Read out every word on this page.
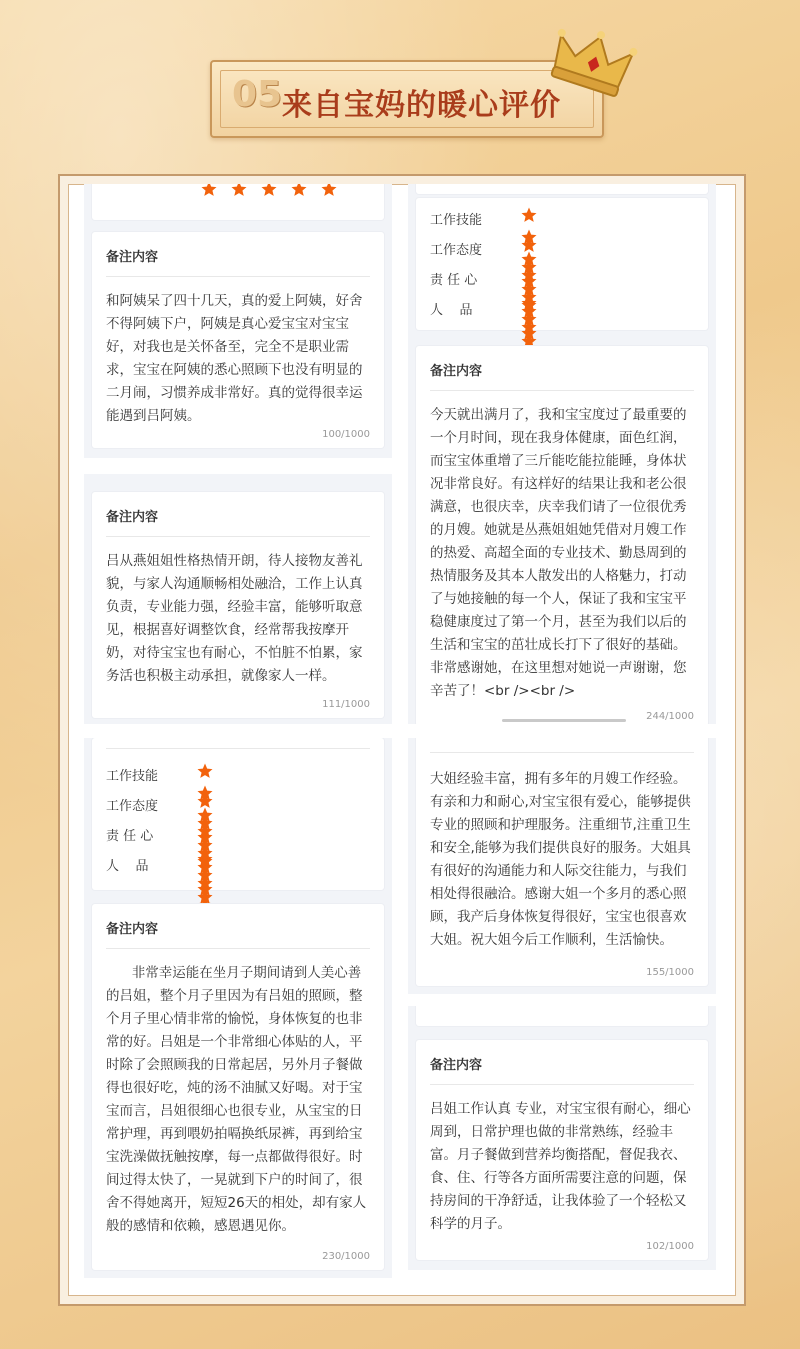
05 来自宝妈的暖心评价
备注内容
和阿姨呆了四十几天，真的爱上阿姨，好舍不得阿姨下户，阿姨是真心爱宝宝对宝宝好，对我也是关怀备至，完全不是职业需求，宝宝在阿姨的悉心照顾下也没有明显的二月闹，习惯养成非常好。真的觉得很幸运能遇到吕阿姨。
100/1000
备注内容
吕从燕姐姐性格热情开朗，待人接物友善礼貌，与家人沟通顺畅相处融洽，工作上认真负责，专业能力强，经验丰富，能够听取意见，根据喜好调整饮食，经常帮我按摩开奶，对待宝宝也有耐心，不怕脏不怕累，家务活也积极主动承担，就像家人一样。
111/1000
工作技能
工作态度
责 任 心
人    品
备注内容
非常幸运能在坐月子期间请到人美心善的吕姐，整个月子里因为有吕姐的照顾，整个月子里心情非常的愉悦，身体恢复的也非常的好。吕姐是一个非常细心体贴的人，平时除了会照顾我的日常起居，另外月子餐做得也很好吃，炖的汤不油腻又好喝。对于宝宝而言，吕姐很细心也很专业，从宝宝的日常护理，再到喂奶拍嗝换纸尿裤，再到给宝宝洗澡做抚触按摩，每一点都做得很好。时间过得太快了，一晃就到下户的时间了，很舍不得她离开，短短26天的相处，却有家人般的感情和依赖，感恩遇见你。
230/1000
工作技能
工作态度
责 任 心
人    品
备注内容
今天就出满月了，我和宝宝度过了最重要的一个月时间，现在我身体健康，面色红润，而宝宝体重增了三斤能吃能拉能睡，身体状况非常良好。有这样好的结果让我和老公很满意，也很庆幸，庆幸我们请了一位很优秀的月嫂。她就是丛燕姐姐她凭借对月嫂工作的热爱、高超全面的专业技术、勤恳周到的热情服务及其本人散发出的人格魅力，打动了与她接触的每一个人，保证了我和宝宝平稳健康度过了第一个月，甚至为我们以后的生活和宝宝的茁壮成长打下了很好的基础。非常感谢她，在这里想对她说一声谢谢，您辛苦了！<br /><br />
244/1000
大姐经验丰富，拥有多年的月嫂工作经验。有亲和力和耐心,对宝宝很有爱心，能够提供专业的照顾和护理服务。注重细节,注重卫生和安全,能够为我们提供良好的服务。大姐具有很好的沟通能力和人际交往能力，与我们相处得很融洽。感谢大姐一个多月的悉心照顾，我产后身体恢复得很好，宝宝也很喜欢大姐。祝大姐今后工作顺利，生活愉快。
155/1000
备注内容
吕姐工作认真 专业，对宝宝很有耐心，细心周到，日常护理也做的非常熟练，经验丰富。月子餐做到营养均衡搭配，督促我衣、食、住、行等各方面所需要注意的问题，保持房间的干净舒适，让我体验了一个轻松又科学的月子。
102/1000
